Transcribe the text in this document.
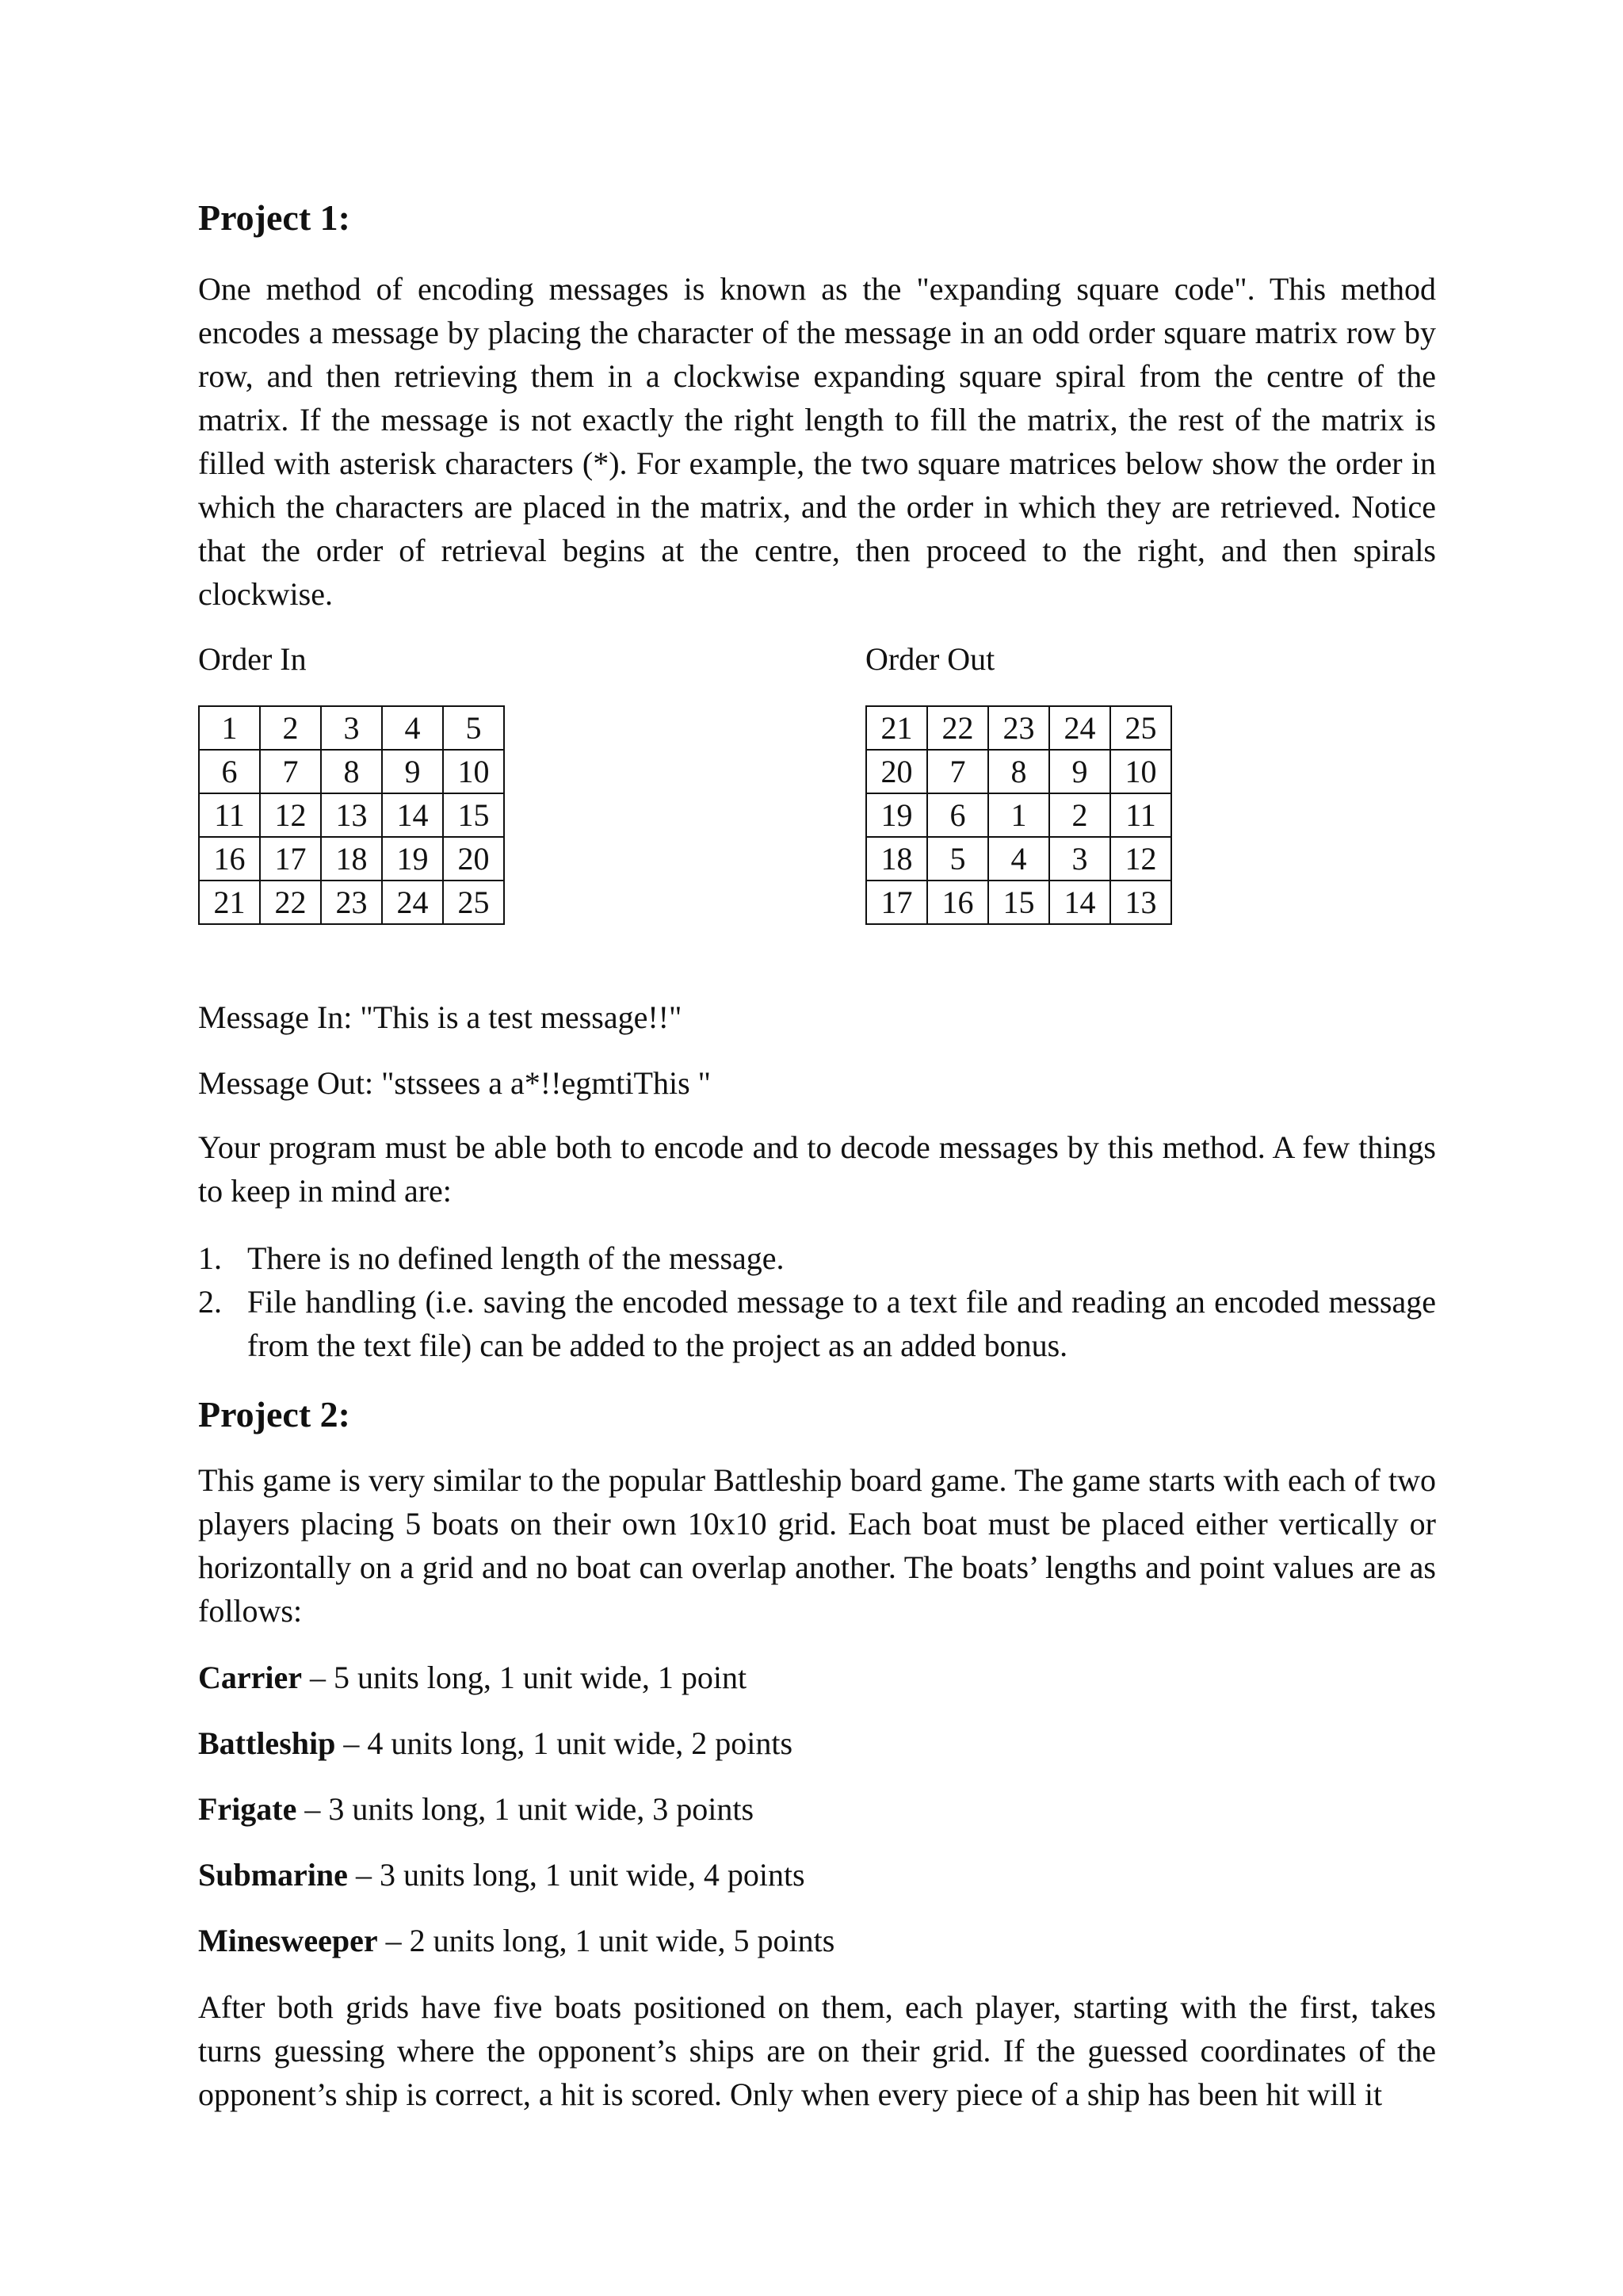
Project 1:

One method of encoding messages is known as the "expanding square code". This method encodes a message by placing the character of the message in an odd order square matrix row by row, and then retrieving them in a clockwise expanding square spiral from the centre of the matrix. If the message is not exactly the right length to fill the matrix, the rest of the matrix is filled with asterisk characters (*). For example, the two square matrices below show the order in which the characters are placed in the matrix, and the order in which they are retrieved. Notice that the order of retrieval begins at the centre, then proceed to the right, and then spirals clockwise.

Order In	Order Out
1	2	3	4	5
6	7	8	9	10
11	12	13	14	15
16	17	18	19	20
21	22	23	24	25
21	22	23	24	25
20	7	8	9	10
19	6	1	2	11
18	5	4	3	12
17	16	15	14	13
Message In: "This is a test message!!"
Message Out: "stssees a a*!!egmtiThis "

Your program must be able both to encode and to decode messages by this method. A few things to keep in mind are:

1. There is no defined length of the message.
2. File handling (i.e. saving the encoded message to a text file and reading an encoded message from the text file) can be added to the project as an added bonus.
Project 2:

This game is very similar to the popular Battleship board game. The game starts with each of two players placing 5 boats on their own 10x10 grid. Each boat must be placed either vertically or horizontally on a grid and no boat can overlap another. The boats’ lengths and point values are as follows:

Carrier – 5 units long, 1 unit wide, 1 point
Battleship – 4 units long, 1 unit wide, 2 points
Frigate – 3 units long, 1 unit wide, 3 points
Submarine – 3 units long, 1 unit wide, 4 points
Minesweeper – 2 units long, 1 unit wide, 5 points

After both grids have five boats positioned on them, each player, starting with the first, takes turns guessing where the opponent’s ships are on their grid. If the guessed coordinates of the opponent’s ship is correct, a hit is scored. Only when every piece of a ship has been hit will it
